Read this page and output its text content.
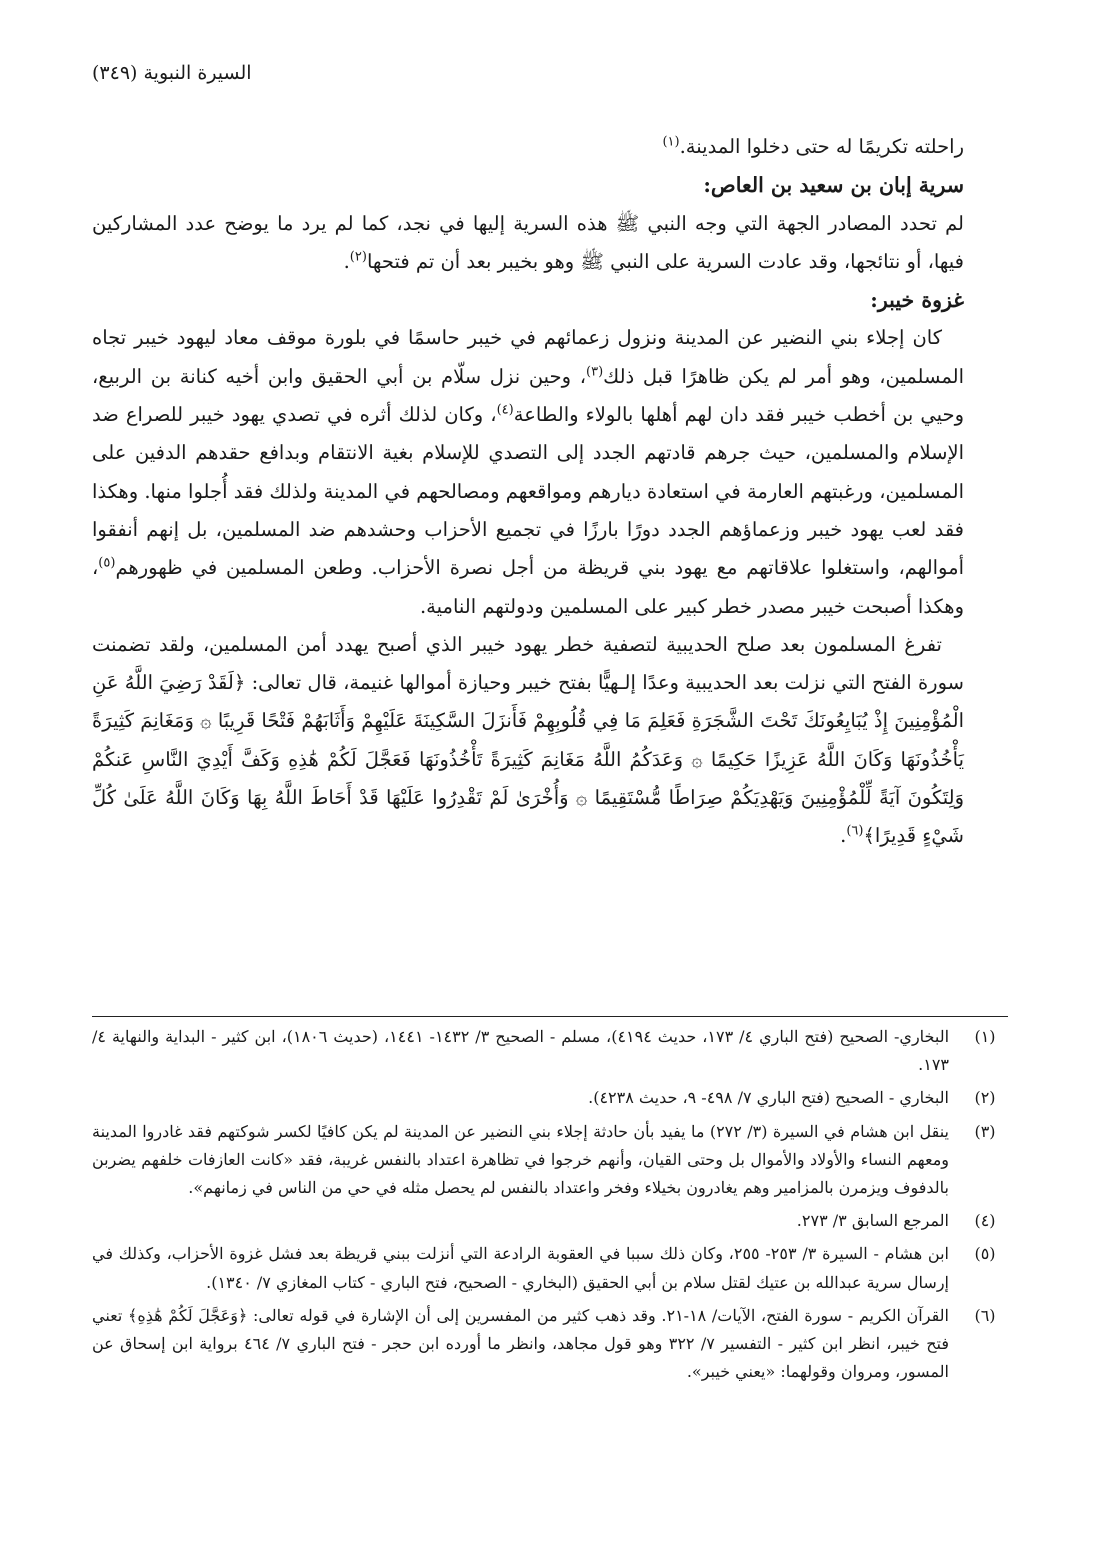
السيرة النبوية (٣٤٩)

راحلته تكريمًا له حتى دخلوا المدينة.$^{(١)}$

سرية إبان بن سعيد بن العاص:

لم تحدد المصادر الجهة التي وجه النبي ﷺ هذه السرية إليها في نجد، كما لم يرد ما يوضح عدد المشاركين فيها، أو نتائجها، وقد عادت السرية على النبي ﷺ وهو بخيبر بعد أن تم فتحها$^{(٢)}$.

غزوة خيبر:

كان إجلاء بني النضير عن المدينة ونزول زعمائهم في خيبر حاسمًا في بلورة موقف معاد ليهود خيبر تجاه المسلمين، وهو أمر لم يكن ظاهرًا قبل ذلك$^{(٣)}$، وحين نزل سلّام بن أبي الحقيق وابن أخيه كنانة بن الربيع، وحيي بن أخطب خيبر فقد دان لهم أهلها بالولاء والطاعة$^{(٤)}$، وكان لذلك أثره في تصدي يهود خيبر للصراع ضد الإسلام والمسلمين، حيث جرهم قادتهم الجدد إلى التصدي للإسلام بغية الانتقام وبدافع حقدهم الدفين على المسلمين، ورغبتهم العارمة في استعادة ديارهم ومواقعهم ومصالحهم في المدينة ولذلك فقد أُجلوا منها. وهكذا فقد لعب يهود خيبر وزعماؤهم الجدد دورًا بارزًا في تجميع الأحزاب وحشدهم ضد المسلمين، بل إنهم أنفقوا أموالهم، واستغلوا علاقاتهم مع يهود بني قريظة من أجل نصرة الأحزاب. وطعن المسلمين في ظهورهم$^{(٥)}$، وهكذا أصبحت خيبر مصدر خطر كبير على المسلمين ودولتهم النامية.

تفرغ المسلمون بعد صلح الحديبية لتصفية خطر يهود خيبر الذي أصبح يهدد أمن المسلمين، ولقد تضمنت سورة الفتح التي نزلت بعد الحديبية وعدًا إلـهيًّا بفتح خيبر وحيازة أموالها غنيمة، قال تعالى: ﴿لَقَدْ رَضِيَ اللَّهُ عَنِ الْمُؤْمِنِينَ إِذْ يُبَايِعُونَكَ تَحْتَ الشَّجَرَةِ فَعَلِمَ مَا فِي قُلُوبِهِمْ فَأَنزَلَ السَّكِينَةَ عَلَيْهِمْ وَأَثَابَهُمْ فَتْحًا قَرِيبًا ۞ وَمَغَانِمَ كَثِيرَةً يَأْخُذُونَهَا وَكَانَ اللَّهُ عَزِيزًا حَكِيمًا ۞ وَعَدَكُمُ اللَّهُ مَغَانِمَ كَثِيرَةً تَأْخُذُونَهَا فَعَجَّلَ لَكُمْ هَٰذِهِ وَكَفَّ أَيْدِيَ النَّاسِ عَنكُمْ وَلِتَكُونَ آيَةً لِّلْمُؤْمِنِينَ وَيَهْدِيَكُمْ صِرَاطًا مُّسْتَقِيمًا ۞ وَأُخْرَىٰ لَمْ تَقْدِرُوا عَلَيْهَا قَدْ أَحَاطَ اللَّهُ بِهَا وَكَانَ اللَّهُ عَلَىٰ كُلِّ شَيْءٍ قَدِيرًا﴾$^{(٦)}$.

(١)
البخاري- الصحيح (فتح الباري ٤/ ١٧٣، حديث ٤١٩٤)، مسلم - الصحيح ٣/ ١٤٣٢- ١٤٤١، (حديث ١٨٠٦)، ابن كثير - البداية والنهاية ٤/ ١٧٣.
(٢)
البخاري - الصحيح (فتح الباري ٧/ ٤٩٨- ٩، حديث ٤٢٣٨).
(٣)
ينقل ابن هشام في السيرة (٣/ ٢٧٢) ما يفيد بأن حادثة إجلاء بني النضير عن المدينة لم يكن كافيًا لكسر شوكتهم فقد غادروا المدينة ومعهم النساء والأولاد والأموال بل وحتى القيان، وأنهم خرجوا في تظاهرة اعتداد بالنفس غريبة، فقد «كانت العازفات خلفهم يضربن بالدفوف ويزمرن بالمزامير وهم يغادرون بخيلاء وفخر واعتداد بالنفس لم يحصل مثله في حي من الناس في زمانهم».
(٤)
المرجع السابق ٣/ ٢٧٣.
(٥)
ابن هشام - السيرة ٣/ ٢٥٣- ٢٥٥، وكان ذلك سببا في العقوبة الرادعة التي أنزلت ببني قريظة بعد فشل غزوة الأحزاب، وكذلك في إرسال سرية عبدالله بن عتيك لقتل سلام بن أبي الحقيق (البخاري - الصحيح، فتح الباري - كتاب المغازي ٧/ ١٣٤٠).
(٦)
القرآن الكريم - سورة الفتح، الآيات/ ١٨-٢١. وقد ذهب كثير من المفسرين إلى أن الإشارة في قوله تعالى: ﴿وَعَجَّلَ لَكُمْ هَٰذِهِ﴾ تعني فتح خيبر، انظر ابن كثير - التفسير ٧/ ٣٢٢ وهو قول مجاهد، وانظر ما أورده ابن حجر - فتح الباري ٧/ ٤٦٤ برواية ابن إسحاق عن المسور، ومروان وقولهما: «يعني خيبر».
